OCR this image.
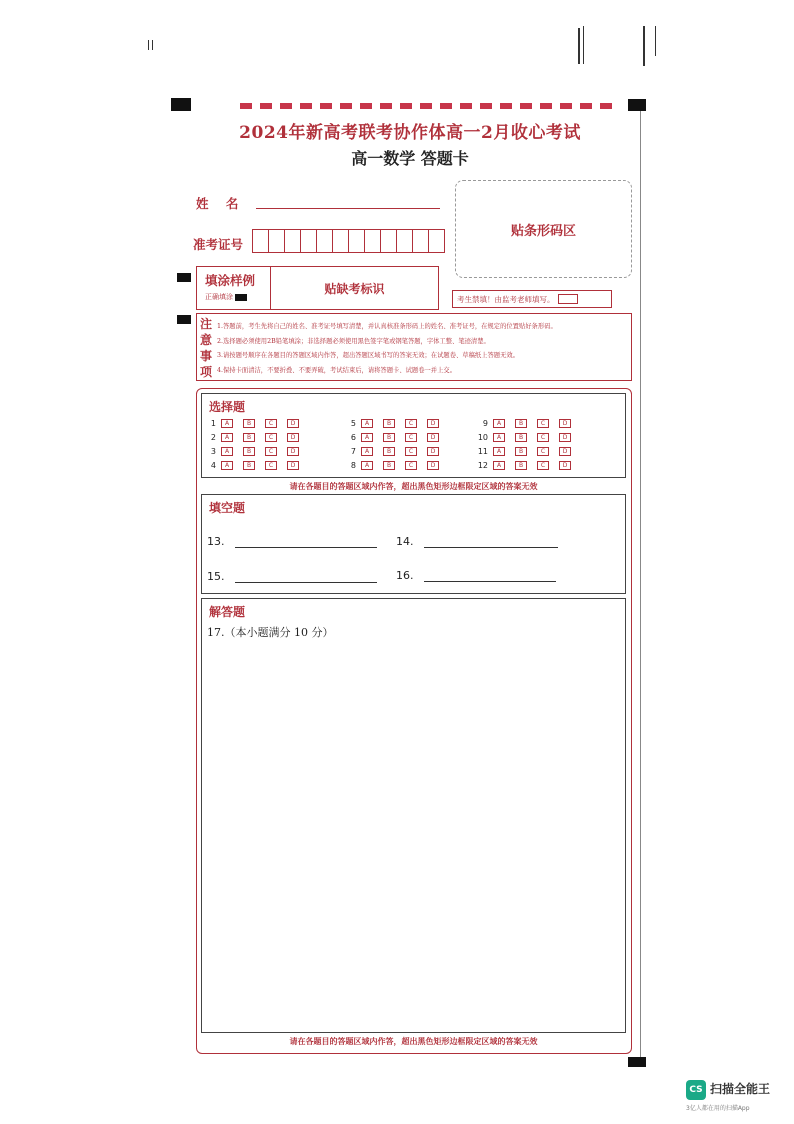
2024年新高考联考协作体高一2月收心考试
高一数学 答题卡
姓    名
准考证号
贴条形码区
填涂样例
正确填涂
贴缺考标识
考生禁填！由监考老师填写。
注
意
事
项
1.答题前，考生先将自己的姓名、准考证号填写清楚，并认真核准条形码上的姓名、准考证号，在规定的位置贴好条形码。
2.选择题必须使用2B铅笔填涂；非选择题必须使用黑色签字笔或钢笔答题，字体工整、笔迹清楚。
3.请按题号顺序在各题目的答题区域内作答，超出答题区域书写的答案无效；在试题卷、草稿纸上答题无效。
4.保持卡面清洁，不要折叠、不要弄破，考试结束后，请将答题卡、试题卷一并上交。
选择题
1	A	B	C	D
2	A	B	C	D
3	A	B	C	D
4	A	B	C	D
5	A	B	C	D
6	A	B	C	D
7	A	B	C	D
8	A	B	C	D
9	A	B	C	D
10	A	B	C	D
11	A	B	C	D
12	A	B	C	D
请在各题目的答题区域内作答，超出黑色矩形边框限定区域的答案无效
填空题
13.	14.
15.	16.
解答题
17.（本小题满分 10 分）
请在各题目的答题区域内作答，超出黑色矩形边框限定区域的答案无效
CS 扫描全能王
3亿人都在用的扫描App
